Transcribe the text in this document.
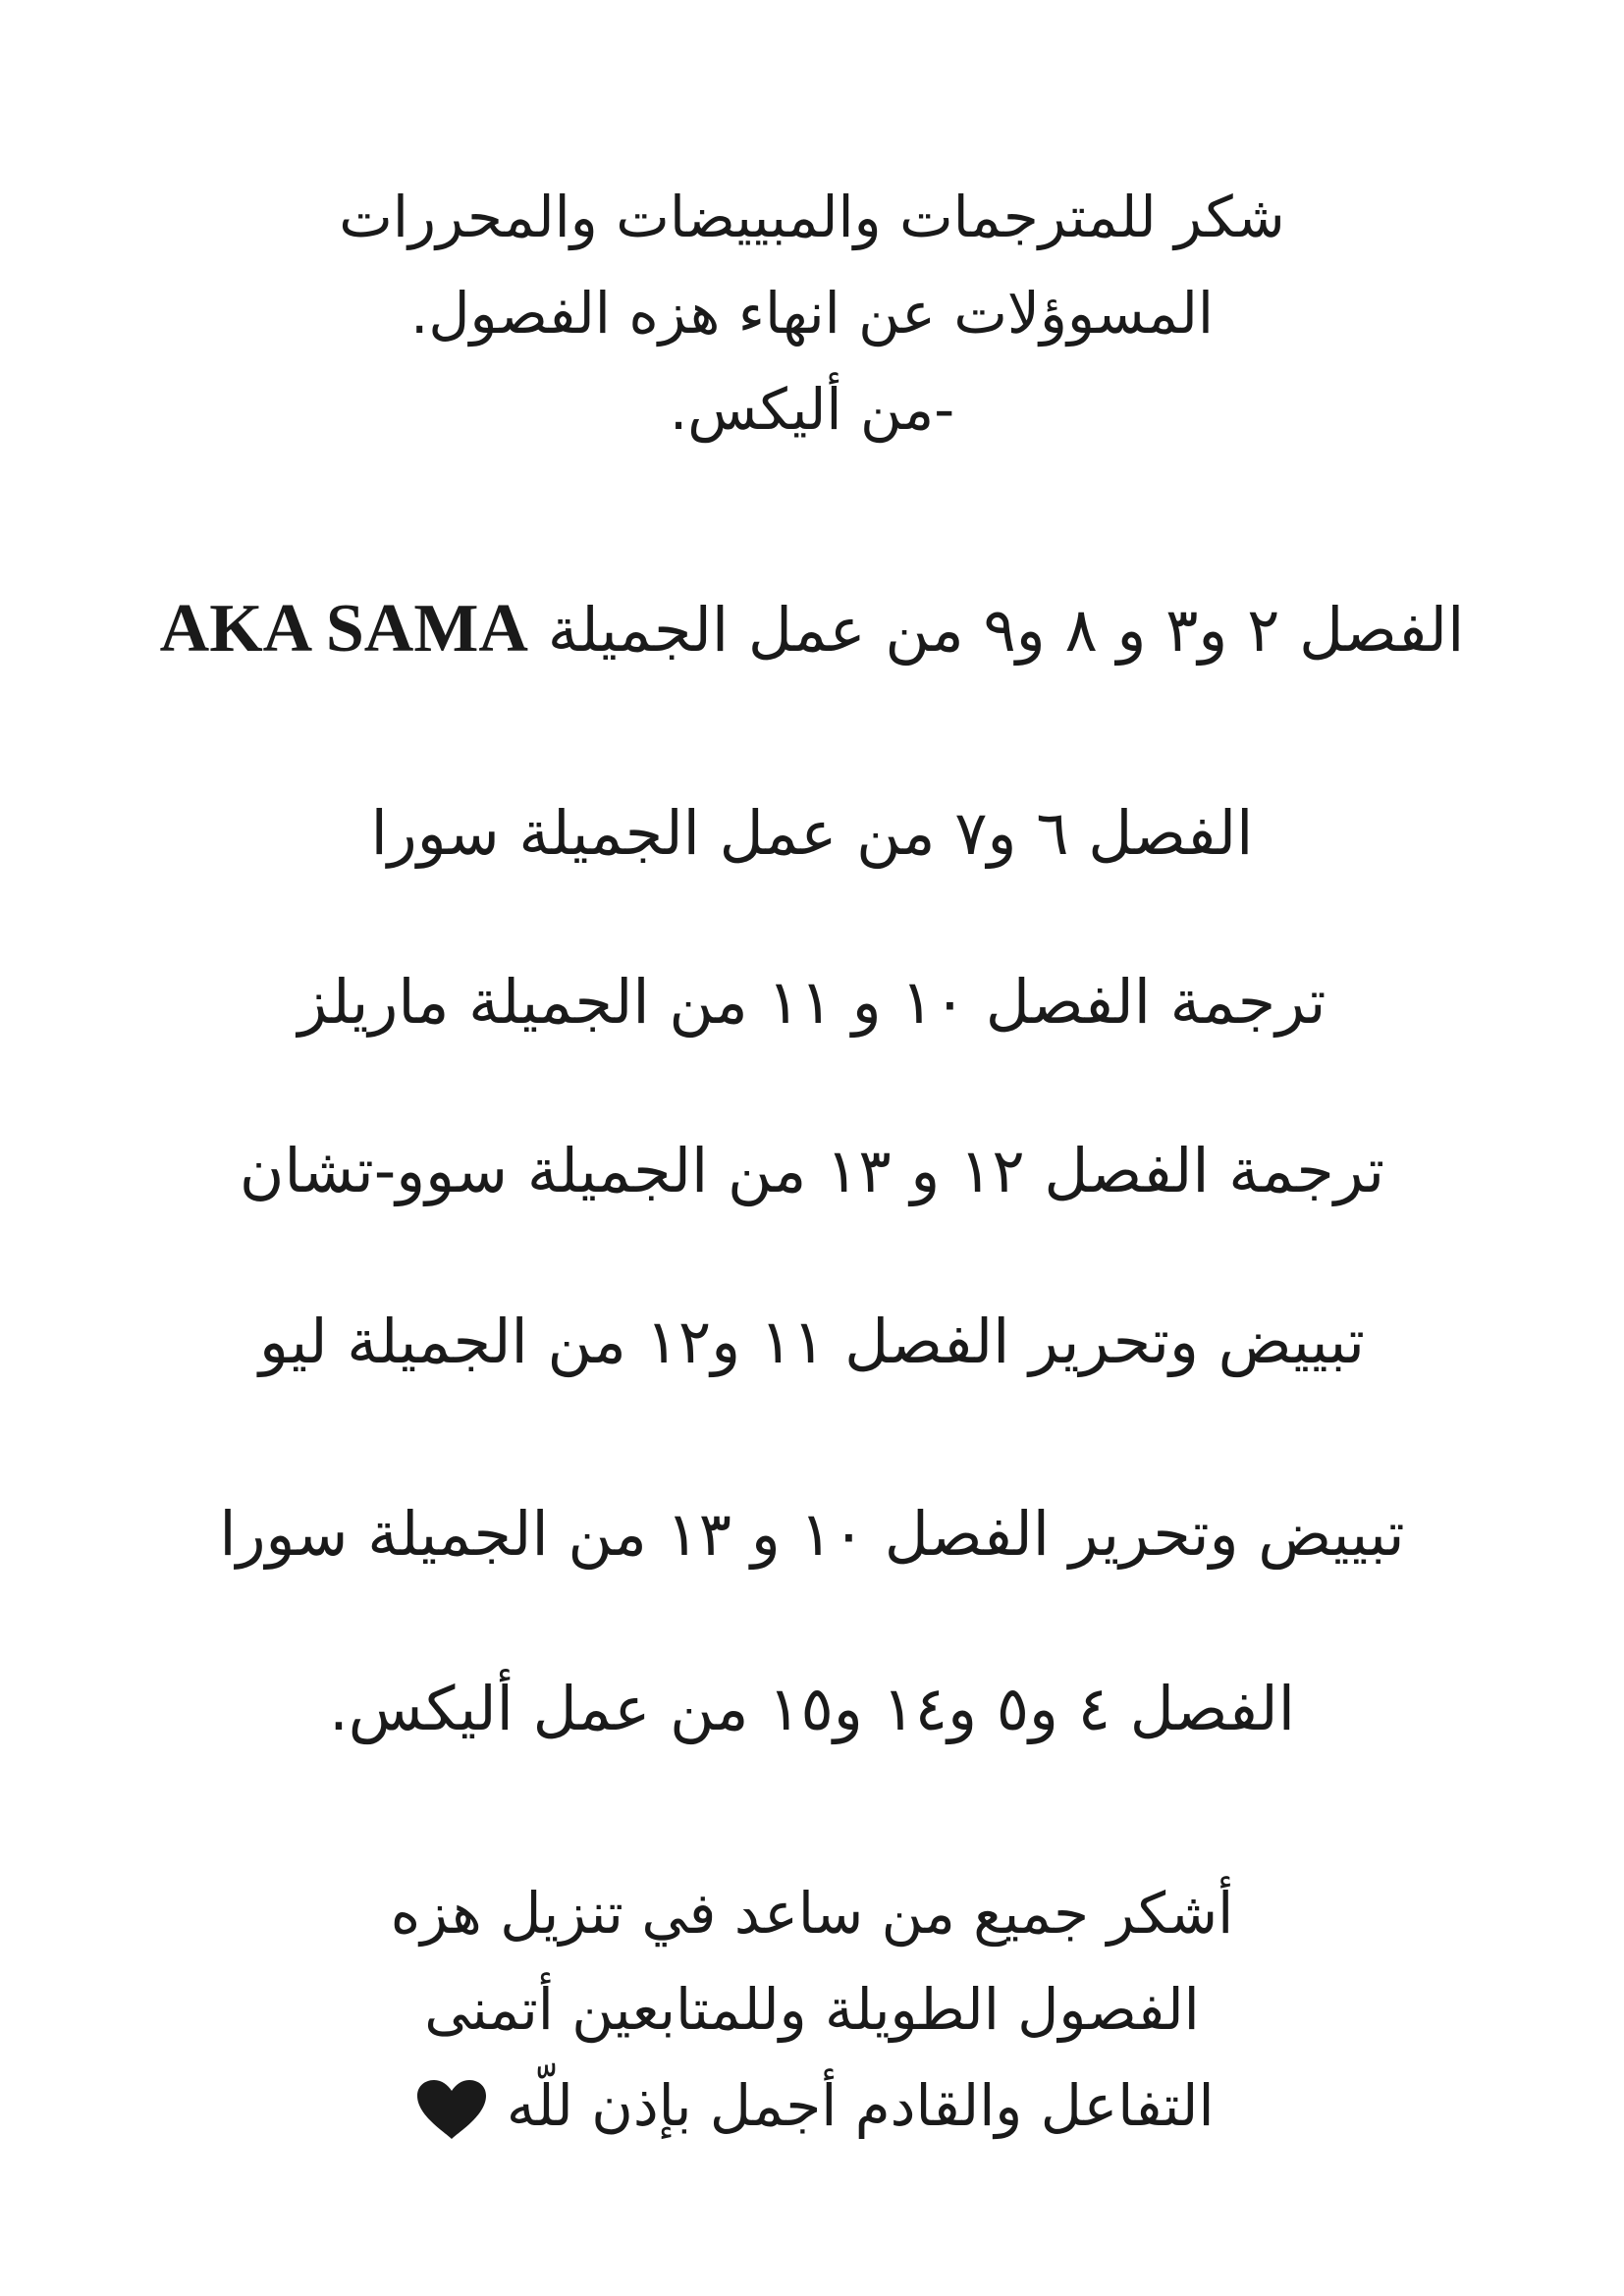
شكر للمترجمات والمبييضات والمحررات
المسوؤلات عن انهاء هزه الفصول.
-من أليكس.
الفصل ٢ و٣ و ٨ و٩ من عمل الجميلة AKA SAMA
الفصل ٦ و٧ من عمل الجميلة سورا
ترجمة الفصل ١٠ و ١١ من الجميلة ماريلز
ترجمة الفصل ١٢ و ١٣ من الجميلة سوو-تشان
تبييض وتحرير الفصل ١١ و١٢ من الجميلة ليو
تبييض وتحرير الفصل ١٠ و ١٣ من الجميلة سورا
الفصل ٤ و٥ و١٤ و١٥ من عمل أليكس.
أشكر جميع من ساعد في تنزيل هزه
الفصول الطويلة وللمتابعين أتمنى
التفاعل والقادم أجمل بإذن للّه
